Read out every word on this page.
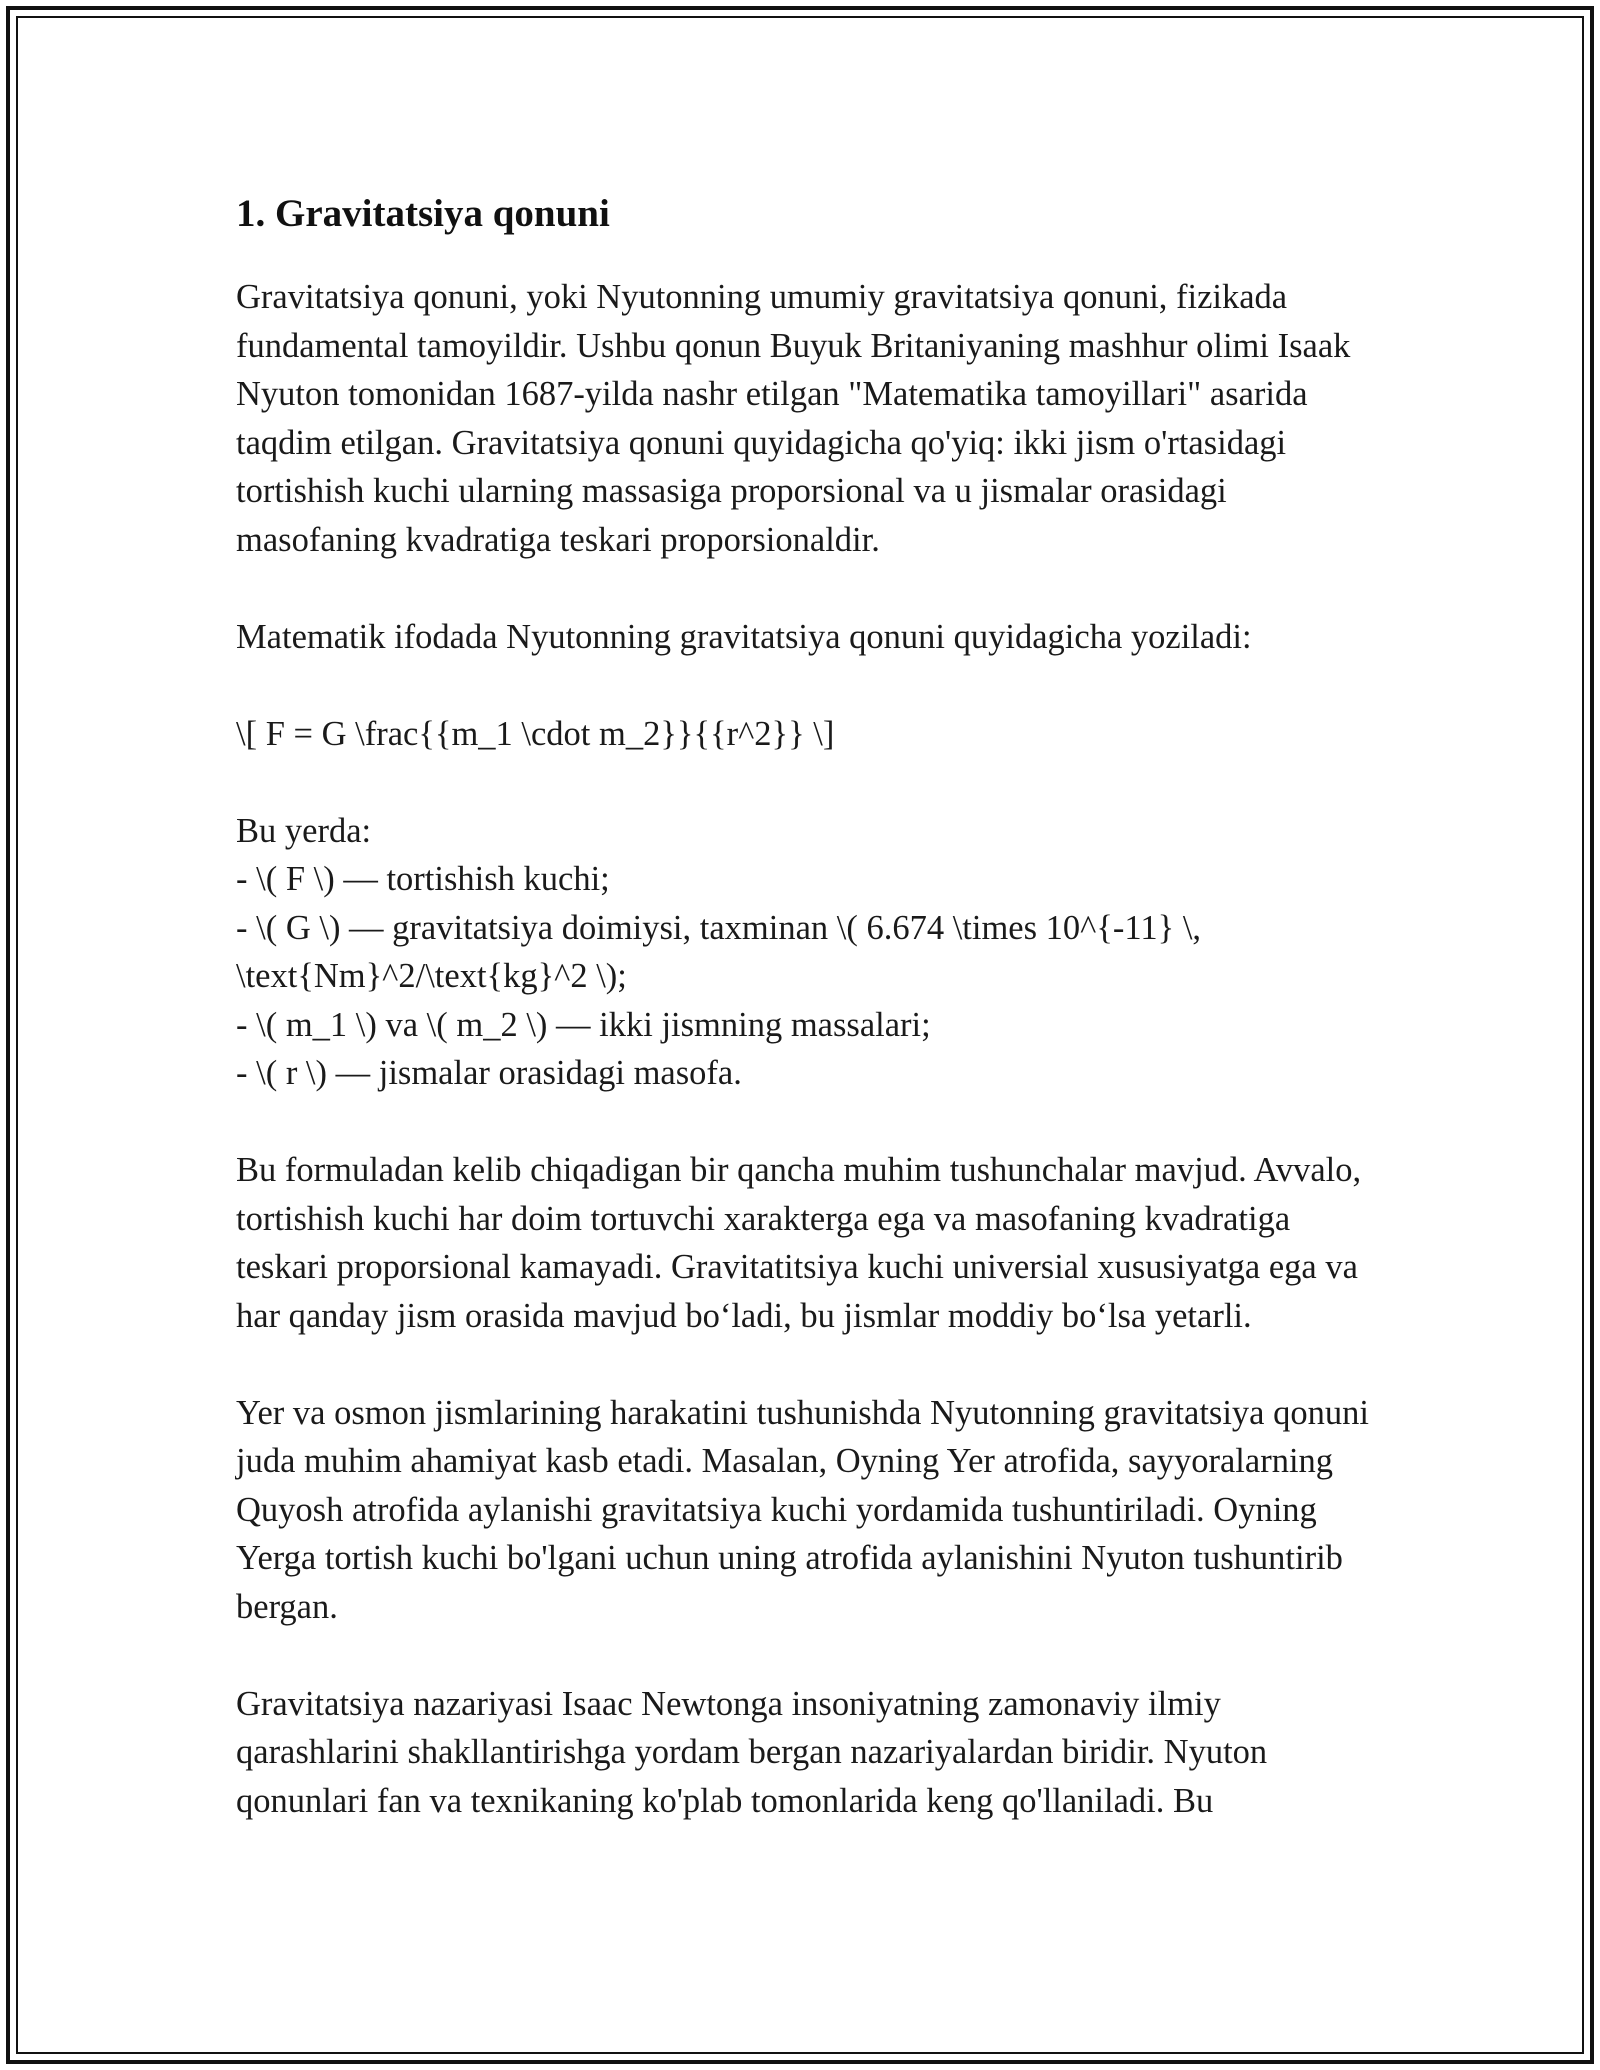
1. Gravitatsiya qonuni

Gravitatsiya qonuni, yoki Nyutonning umumiy gravitatsiya qonuni, fizikada fundamental tamoyildir. Ushbu qonun Buyuk Britaniyaning mashhur olimi Isaak Nyuton tomonidan 1687-yilda nashr etilgan "Matematika tamoyillari" asarida taqdim etilgan. Gravitatsiya qonuni quyidagicha qo'yiq: ikki jism o'rtasidagi tortishish kuchi ularning massasiga proporsional va u jismalar orasidagi masofaning kvadratiga teskari proporsionaldir.

Matematik ifodada Nyutonning gravitatsiya qonuni quyidagicha yoziladi:

\[ F = G \frac{{m_1 \cdot m_2}}{{r^2}} \]

Bu yerda:
- \( F \) — tortishish kuchi;
- \( G \) — gravitatsiya doimiysi, taxminan \( 6.674 \times 10^{-11} \, \text{Nm}^2/\text{kg}^2 \);
- \( m_1 \) va \( m_2 \) — ikki jismning massalari;
- \( r \) — jismalar orasidagi masofa.

Bu formuladan kelib chiqadigan bir qancha muhim tushunchalar mavjud. Avvalo, tortishish kuchi har doim tortuvchi xarakterga ega va masofaning kvadratiga teskari proporsional kamayadi. Gravitatitsiya kuchi universial xususiyatga ega va har qanday jism orasida mavjud bo‘ladi, bu jismlar moddiy bo‘lsa yetarli.

Yer va osmon jismlarining harakatini tushunishda Nyutonning gravitatsiya qonuni juda muhim ahamiyat kasb etadi. Masalan, Oyning Yer atrofida, sayyoralarning Quyosh atrofida aylanishi gravitatsiya kuchi yordamida tushuntiriladi. Oyning Yerga tortish kuchi bo'lgani uchun uning atrofida aylanishini Nyuton tushuntirib bergan.

Gravitatsiya nazariyasi Isaac Newtonga insoniyatning zamonaviy ilmiy qarashlarini shakllantirishga yordam bergan nazariyalardan biridir. Nyuton qonunlari fan va texnikaning ko'plab tomonlarida keng qo'llaniladi. Bu
